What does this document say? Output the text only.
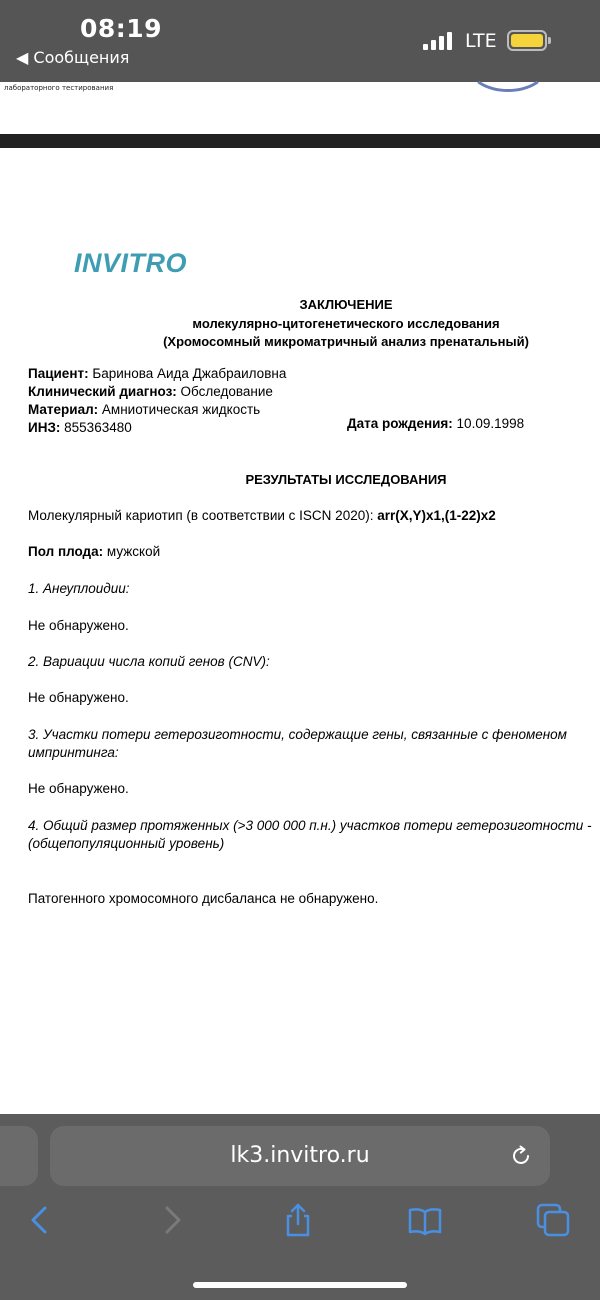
08:19
◀ Сообщения
LTE
лабораторного тестирования
INVITRO
ЗАКЛЮЧЕНИЕ
молекулярно-цитогенетического исследования
(Хромосомный микроматричный анализ пренатальный)
Пациент: Баринова Аида Джабраиловна
Клинический диагноз: Обследование
Материал: Амниотическая жидкость
ИНЗ: 855363480	Дата рождения: 10.09.1998
РЕЗУЛЬТАТЫ ИССЛЕДОВАНИЯ
Молекулярный кариотип (в соответствии с ISCN 2020): arr(X,Y)x1,(1-22)x2
Пол плода: мужской
1. Анеуплоидии:
Не обнаружено.
2. Вариации числа копий генов (CNV):
Не обнаружено.
3. Участки потери гетерозиготности, содержащие гены, связанные с феноменом
импринтинга:
Не обнаружено.
4. Общий размер протяженных (>3 000 000 п.н.) участков потери гетерозиготности -
(общепопуляционный уровень)
Патогенного хромосомного дисбаланса не обнаружено.
lk3.invitro.ru
